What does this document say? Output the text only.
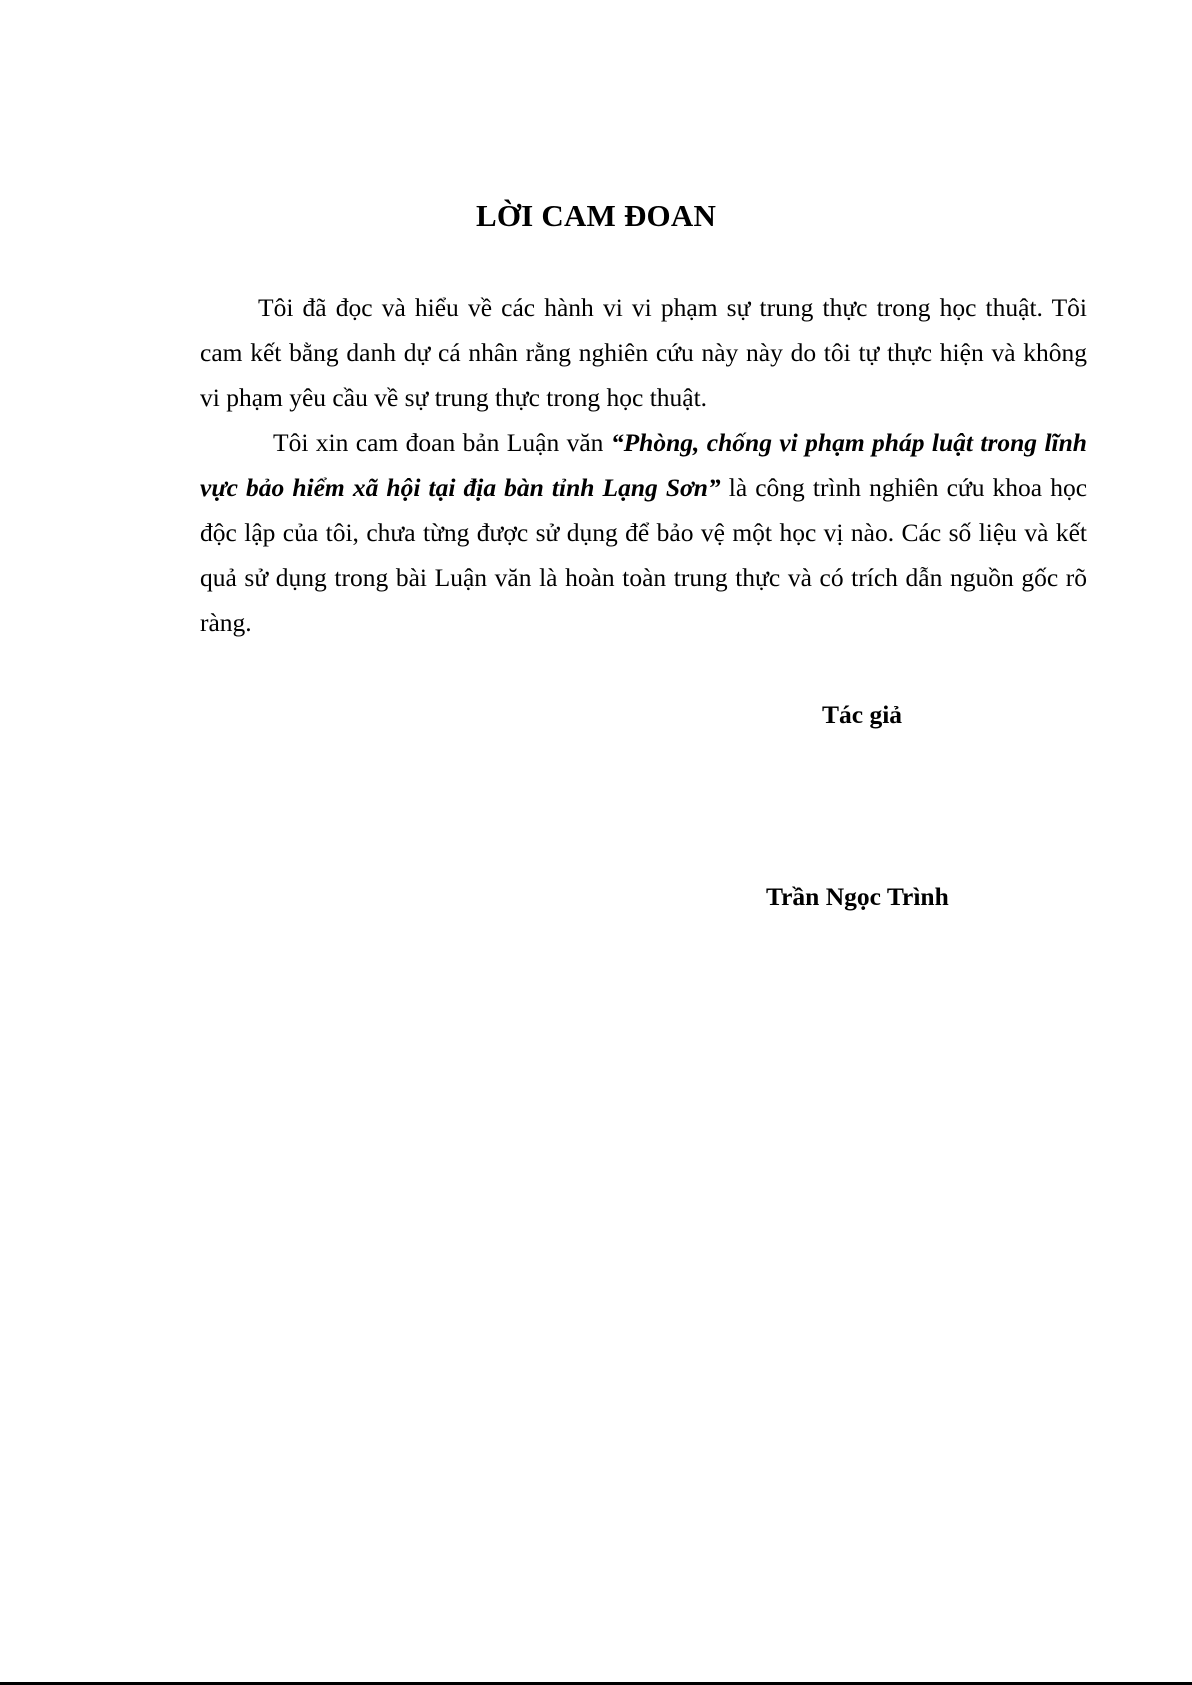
LỜI CAM ĐOAN

Tôi đã đọc và hiểu về các hành vi vi phạm sự trung thực trong học thuật. Tôi cam kết bằng danh dự cá nhân rằng nghiên cứu này này do tôi tự thực hiện và không vi phạm yêu cầu về sự trung thực trong học thuật.

Tôi xin cam đoan bản Luận văn “Phòng, chống vi phạm pháp luật trong lĩnh vực bảo hiểm xã hội tại địa bàn tỉnh Lạng Sơn” là công trình nghiên cứu khoa học độc lập của tôi, chưa từng được sử dụng để bảo vệ một học vị nào. Các số liệu và kết quả sử dụng trong bài Luận văn là hoàn toàn trung thực và có trích dẫn nguồn gốc rõ ràng.

Tác giả

Trần Ngọc Trình
